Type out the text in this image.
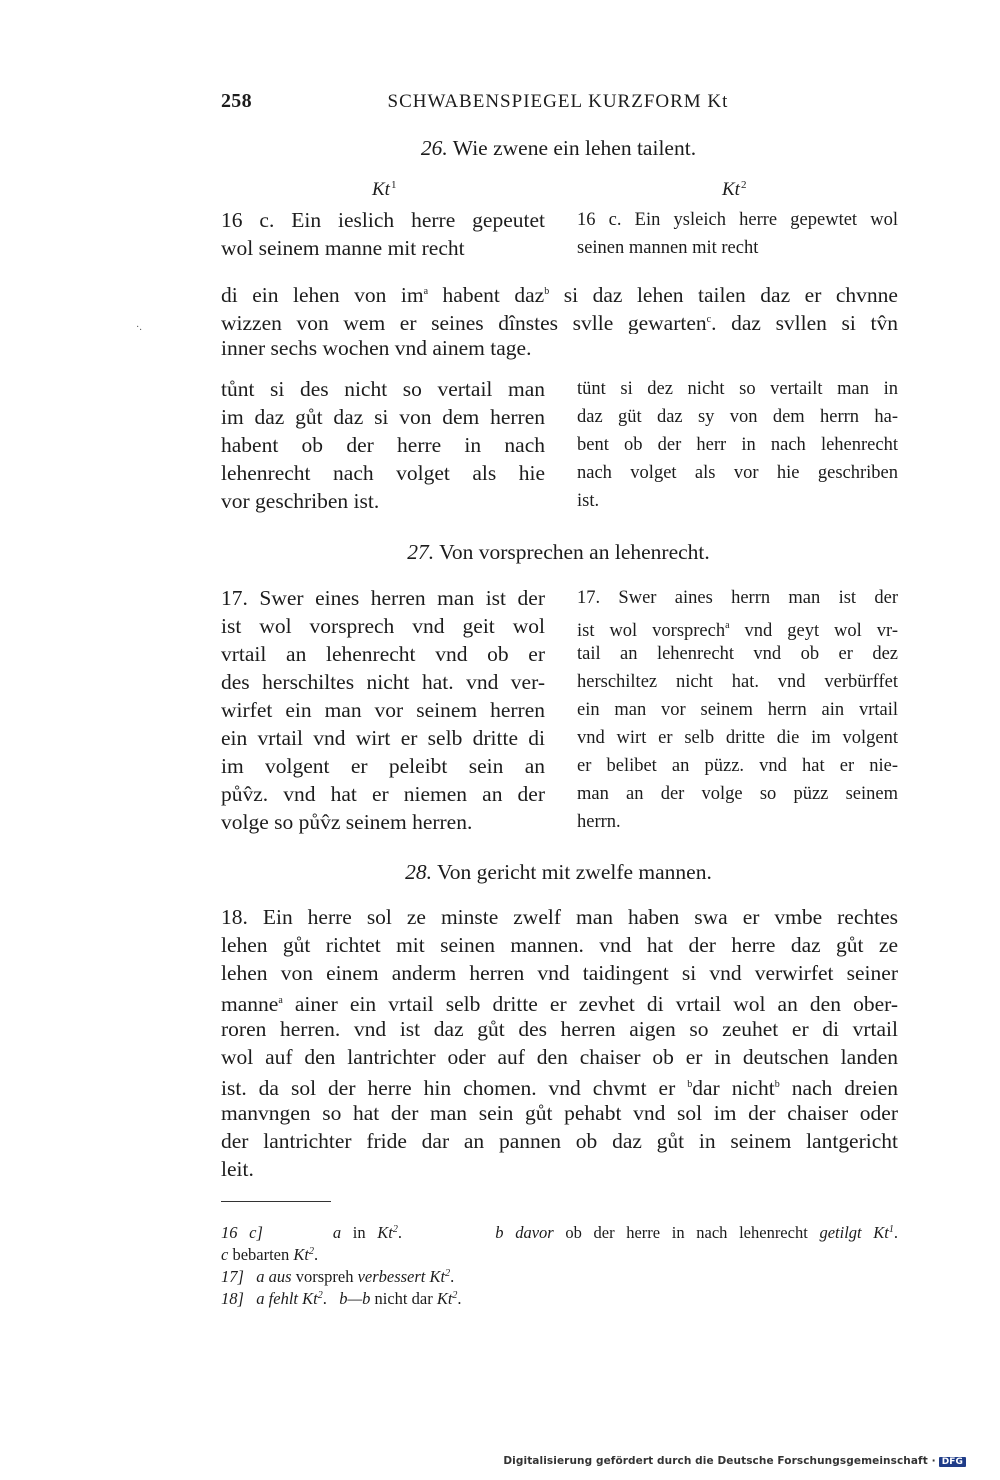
258	SCHWABENSPIEGEL KURZFORM Kt
26. Wie zwene ein lehen tailent.
Kt$^1$	Kt$^2$
16 c. Ein ieslich herre gepeutet
wol seinem manne mit recht
16 c. Ein ysleich herre gepewtet wol
seinen mannen mit recht
di ein lehen von $im^a$ habent daz$^b$ si daz lehen tailen daz er chvnne
wizzen von wem er seines dînstes svlle gewarten$^c$. daz svllen si tv̂n
inner sechs wochen vnd ainem tage.
tůnt si des nicht so vertail man
im daz gůt daz si von dem herren
habent ob der herre in nach
lehenrecht nach volget als hie
vor geschriben ist.
tünt si dez nicht so vertailt man in
daz güt daz sy von dem herrn ha-
bent ob der herr in nach lehenrecht
nach volget als vor hie geschriben
ist.
27. Von vorsprechen an lehenrecht.
17. Swer eines herren man ist der
ist wol vorsprech vnd geit wol
vrtail an lehenrecht vnd ob er
des herschiltes nicht hat. vnd ver-
wirfet ein man vor seinem herren
ein vrtail vnd wirt er selb dritte di
im volgent er peleibt sein an
pův̂z. vnd hat er niemen an der
volge so pův̂z seinem herren.
17. Swer aines herrn man ist der
ist wol vorsprech$^a$ vnd geyt wol vr-
tail an lehenrecht vnd ob er dez
herschiltez nicht hat. vnd verbürffet
ein man vor seinem herrn ain vrtail
vnd wirt er selb dritte die im volgent
er belibet an püzz. vnd hat er nie-
man an der volge so püzz seinem
herrn.
28. Von gericht mit zwelfe mannen.
18. Ein herre sol ze minste zwelf man haben swa er vmbe rechtes
lehen gůt richtet mit seinen mannen. vnd hat der herre daz gůt ze
lehen von einem anderm herren vnd taidingent si vnd verwirfet seiner
manne$^a$ ainer ein vrtail selb dritte er zevhet di vrtail wol an den ober-
roren herren. vnd ist daz gůt des herren aigen so zeuhet er di vrtail
wol auf den lantrichter oder auf den chaiser ob er in deutschen landen
ist. da sol der herre hin chomen. vnd chvmt er $^b$dar nicht$^b$ nach dreien
manvngen so hat der man sein gůt pehabt vnd sol im der chaiser oder
der lantrichter fride dar an pannen ob daz gůt in seinem lantgericht
leit.
16 c]	a in Kt$^2$.        b davor ob der herre in nach lehenrecht getilgt Kt$^1$.
c bebarten Kt$^2$.
17] a aus vorspreh verbessert Kt$^2$.
18] a fehlt Kt$^2$.   b—b nicht dar $Kt^2$.
·.
Digitalisierung gefördert durch die Deutsche Forschungsgemeinschaft · DFG
